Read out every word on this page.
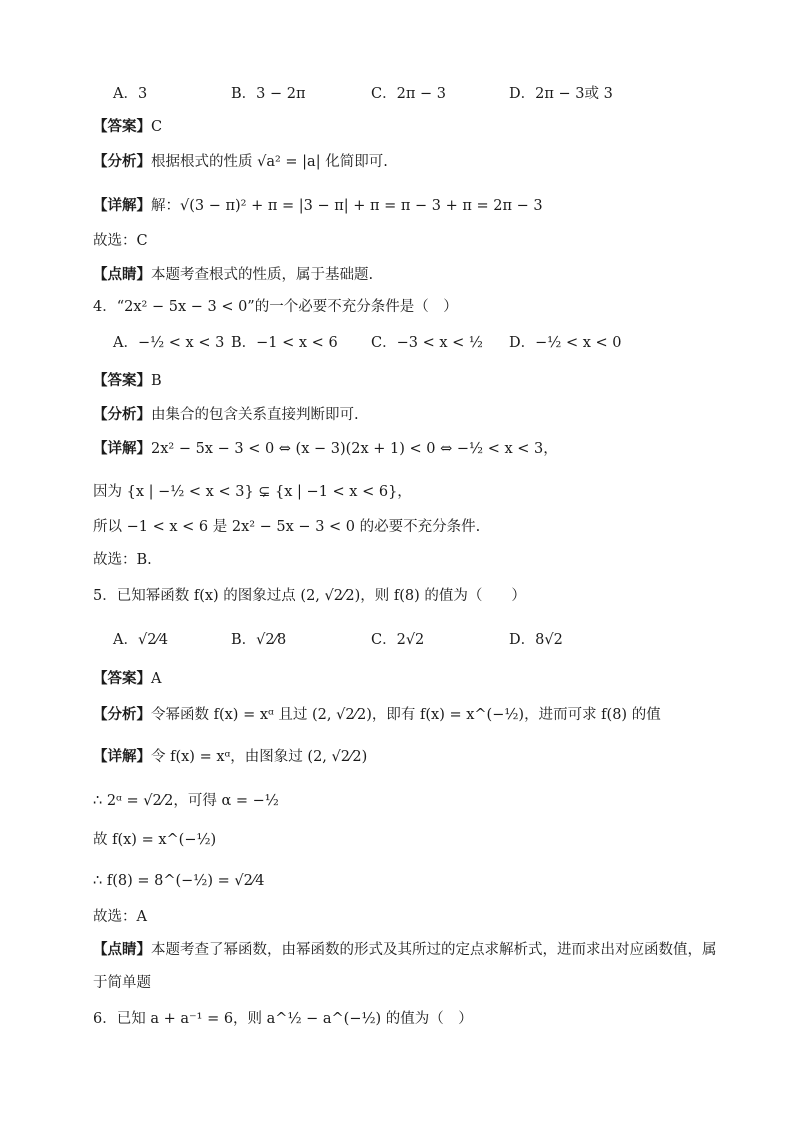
A．3	B．3 − 2π	C．2π − 3	D．2π − 3或 3
【答案】C
【分析】根据根式的性质 √a² = |a| 化简即可.
【详解】解：√(3 − π)² + π = |3 − π| + π = π − 3 + π = 2π − 3
故选：C
【点睛】本题考查根式的性质，属于基础题.
4．“2x² − 5x − 3 < 0”的一个必要不充分条件是（　）
A．−½ < x < 3 B．−1 < x < 6 C．−3 < x < ½ D．−½ < x < 0
【答案】B
【分析】由集合的包含关系直接判断即可.
【详解】2x² − 5x − 3 < 0 ⇔ (x − 3)(2x + 1) < 0 ⇔ −½ < x < 3，
因为 {x | −½ < x < 3} ⊊ {x | −1 < x < 6}，
所以 −1 < x < 6 是 2x² − 5x − 3 < 0 的必要不充分条件.
故选：B.
5．已知幂函数 f(x) 的图象过点 (2, √2⁄2)，则 f(8) 的值为（　　）
A．√2⁄4	B．√2⁄8	C．2√2	D．8√2
【答案】A
【分析】令幂函数 f(x) = xᵅ 且过 (2, √2⁄2)，即有 f(x) = x^(−½)，进而可求 f(8) 的值
【详解】令 f(x) = xᵅ，由图象过 (2, √2⁄2)
∴ 2ᵅ = √2⁄2，可得 α = −½
故 f(x) = x^(−½)
∴ f(8) = 8^(−½) = √2⁄4
故选：A
【点睛】本题考查了幂函数，由幂函数的形式及其所过的定点求解析式，进而求出对应函数值，属
于简单题
6．已知 a + a⁻¹ = 6，则 a^½ − a^(−½) 的值为（　）
